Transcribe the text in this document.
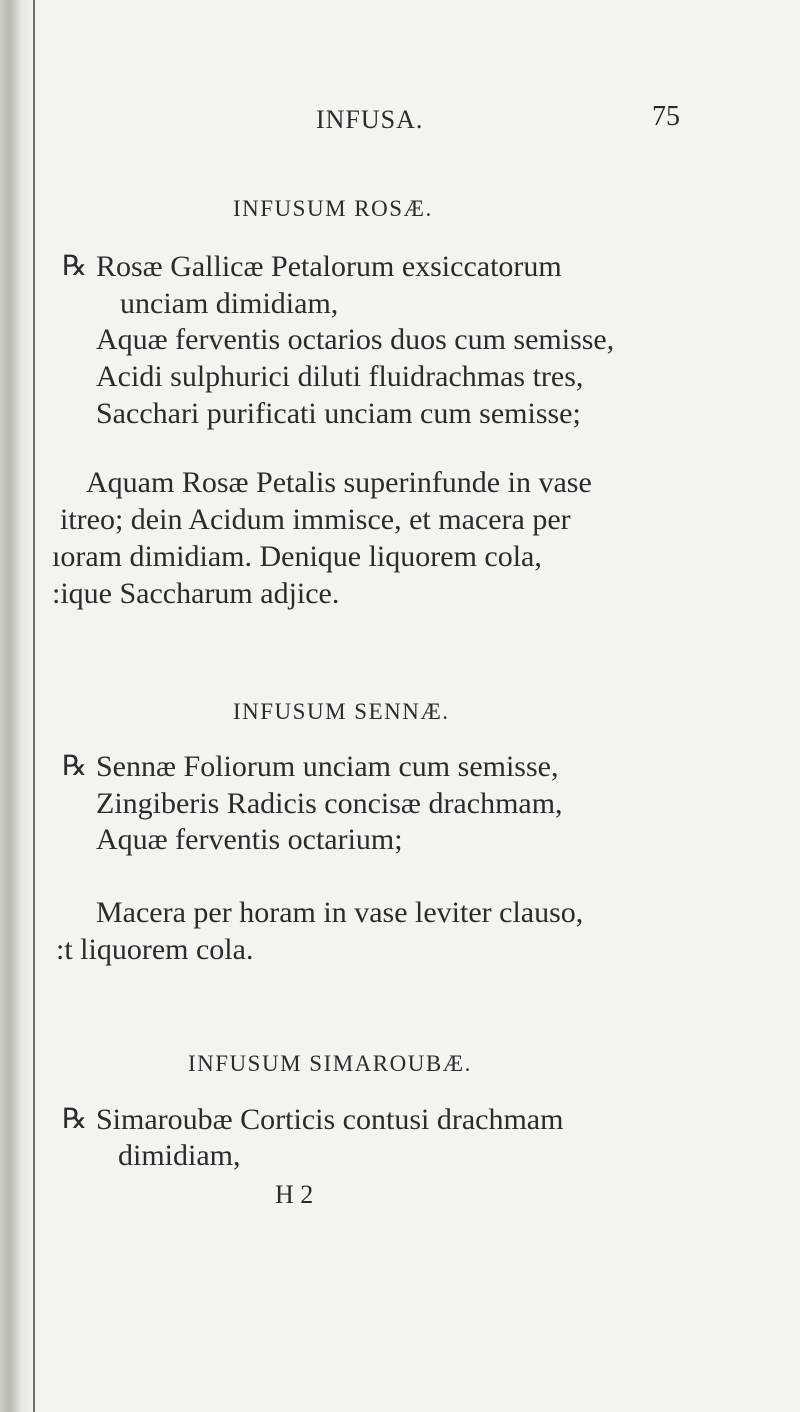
INFUSA.	75
INFUSUM ROSÆ.
℞ Rosæ Gallicæ Petalorum exsiccatorum
unciam dimidiam,
Aquæ ferventis octarios duos cum semisse,
Acidi sulphurici diluti fluidrachmas tres,
Sacchari purificati unciam cum semisse;
Aquam Rosæ Petalis superinfunde in vase
itreo; dein Acidum immisce, et macera per
ıoram dimidiam. Denique liquorem cola,
:ique Saccharum adjice.
INFUSUM SENNÆ.
℞ Sennæ Foliorum unciam cum semisse,
Zingiberis Radicis concisæ drachmam,
Aquæ ferventis octarium;
Macera per horam in vase leviter clauso,
:t liquorem cola.
INFUSUM SIMAROUBÆ.
℞ Simaroubæ Corticis contusi drachmam
dimidiam,
H 2
